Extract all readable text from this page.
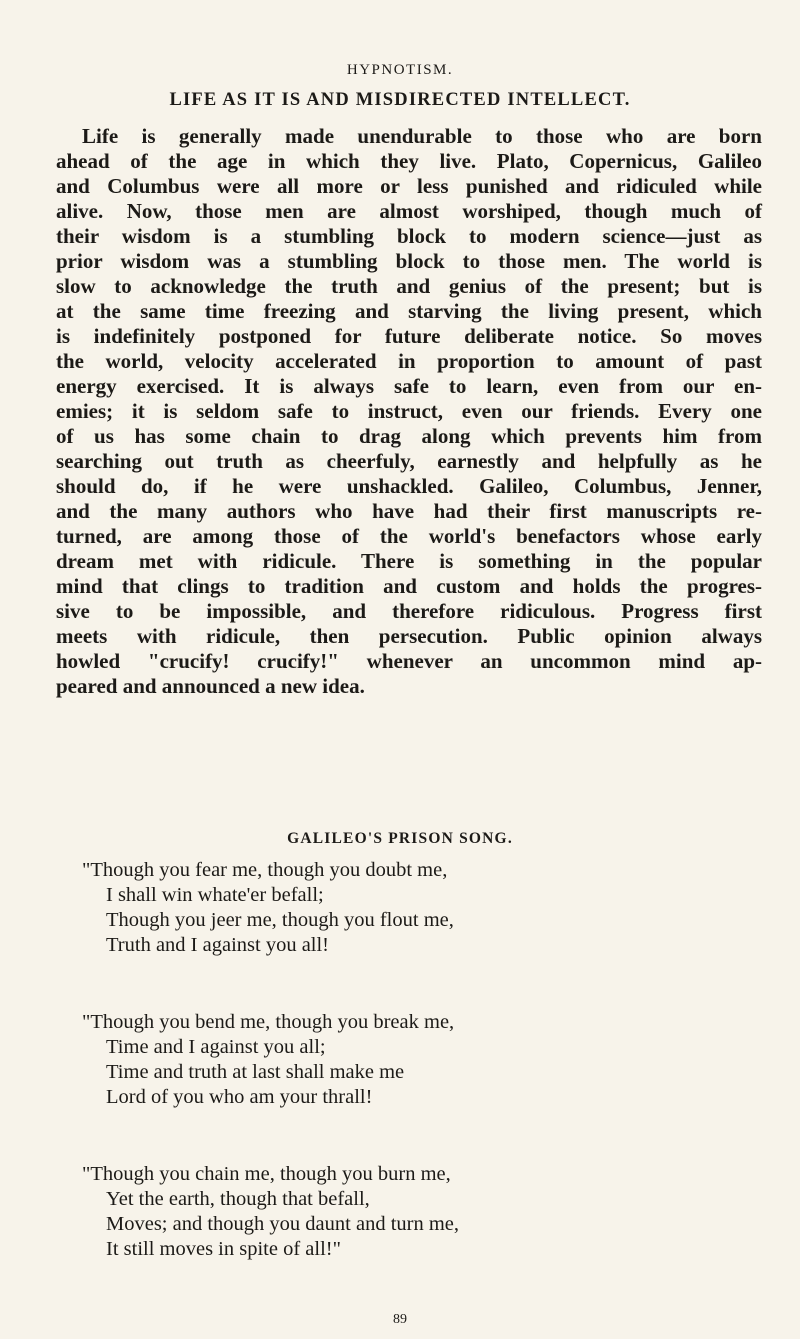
HYPNOTISM.
LIFE AS IT IS AND MISDIRECTED INTELLECT.
Life is generally made unendurable to those who are born
ahead of the age in which they live. Plato, Copernicus, Galileo
and Columbus were all more or less punished and ridiculed while
alive. Now, those men are almost worshiped, though much of
their wisdom is a stumbling block to modern science—just as
prior wisdom was a stumbling block to those men. The world is
slow to acknowledge the truth and genius of the present; but is
at the same time freezing and starving the living present, which
is indefinitely postponed for future deliberate notice. So moves
the world, velocity accelerated in proportion to amount of past
energy exercised. It is always safe to learn, even from our en-
emies; it is seldom safe to instruct, even our friends. Every one
of us has some chain to drag along which prevents him from
searching out truth as cheerfuly, earnestly and helpfully as he
should do, if he were unshackled. Galileo, Columbus, Jenner,
and the many authors who have had their first manuscripts re-
turned, are among those of the world's benefactors whose early
dream met with ridicule. There is something in the popular
mind that clings to tradition and custom and holds the progres-
sive to be impossible, and therefore ridiculous. Progress first
meets with ridicule, then persecution. Public opinion always
howled "crucify! crucify!" whenever an uncommon mind ap-
peared and announced a new idea.
GALILEO'S PRISON SONG.
"Though you fear me, though you doubt me,
I shall win whate'er befall;
Though you jeer me, though you flout me,
Truth and I against you all!
"Though you bend me, though you break me,
Time and I against you all;
Time and truth at last shall make me
Lord of you who am your thrall!
"Though you chain me, though you burn me,
Yet the earth, though that befall,
Moves; and though you daunt and turn me,
It still moves in spite of all!"
89
